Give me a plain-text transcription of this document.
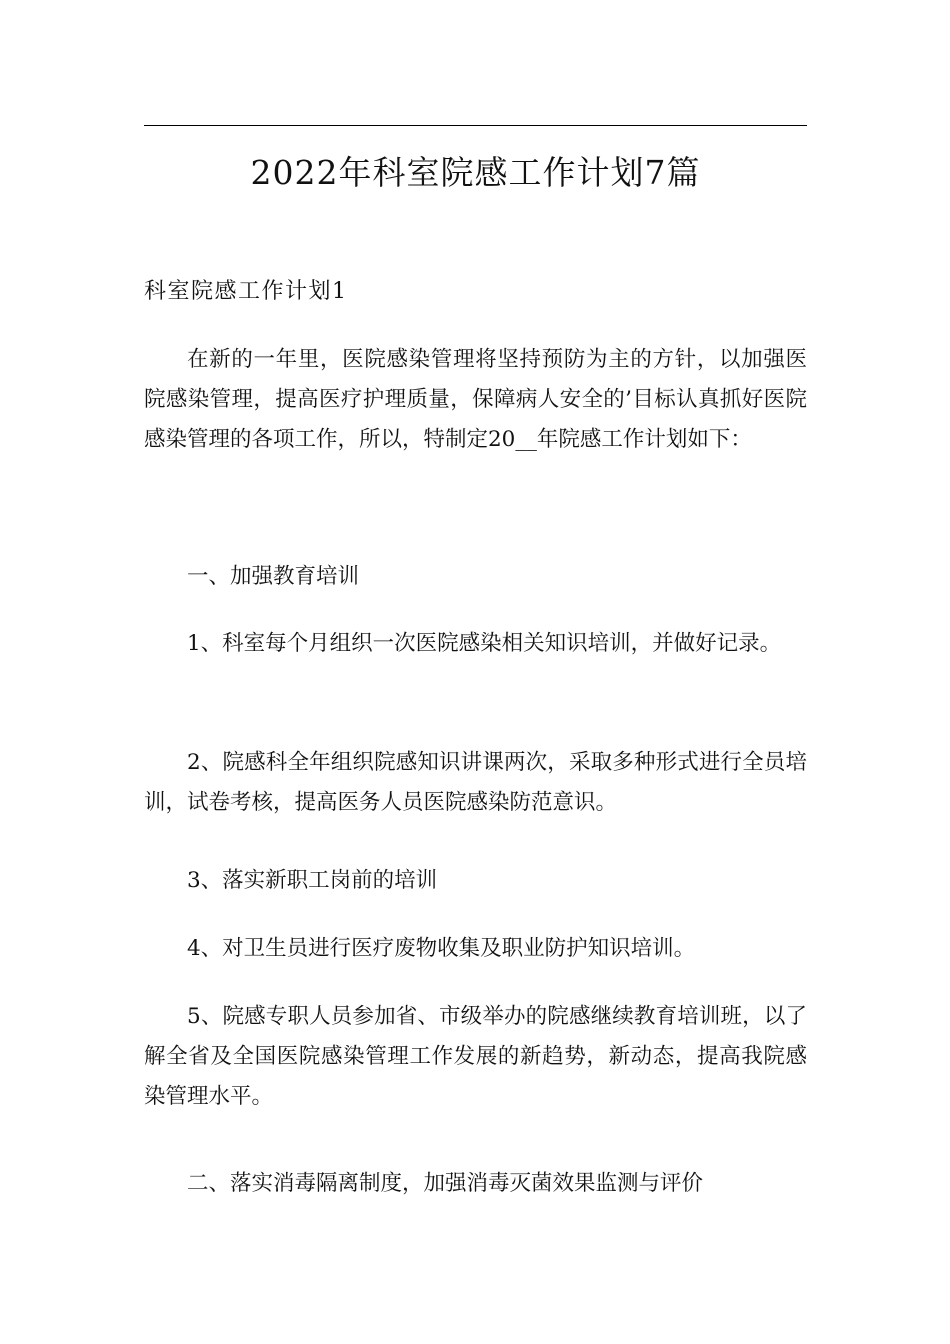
2022年科室院感工作计划7篇
科室院感工作计划1

在新的一年里，医院感染管理将坚持预防为主的方针，以加强医院感染管理，提高医疗护理质量，保障病人安全的’目标认真抓好医院感染管理的各项工作，所以，特制定20__年院感工作计划如下：

一、加强教育培训

1、科室每个月组织一次医院感染相关知识培训，并做好记录。

2、院感科全年组织院感知识讲课两次，采取多种形式进行全员培训，试卷考核，提高医务人员医院感染防范意识。

3、落实新职工岗前的培训

4、对卫生员进行医疗废物收集及职业防护知识培训。

5、院感专职人员参加省、市级举办的院感继续教育培训班，以了解全省及全国医院感染管理工作发展的新趋势，新动态，提高我院感染管理水平。

二、落实消毒隔离制度，加强消毒灭菌效果监测与评价
